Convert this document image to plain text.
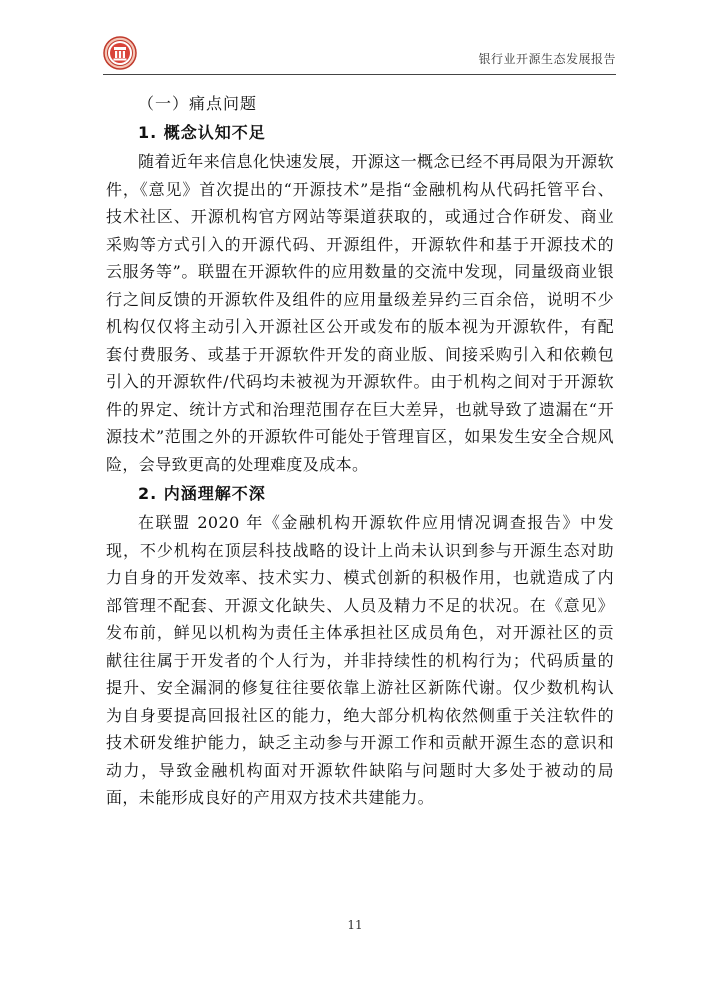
银行业开源生态发展报告
（一）痛点问题
1. 概念认知不足

随着近年来信息化快速发展，开源这一概念已经不再局限为开源软件，《意见》首次提出的“开源技术”是指“金融机构从代码托管平台、技术社区、开源机构官方网站等渠道获取的，或通过合作研发、商业采购等方式引入的开源代码、开源组件，开源软件和基于开源技术的云服务等”。联盟在开源软件的应用数量的交流中发现，同量级商业银行之间反馈的开源软件及组件的应用量级差异约三百余倍，说明不少机构仅仅将主动引入开源社区公开或发布的版本视为开源软件，有配套付费服务、或基于开源软件开发的商业版、间接采购引入和依赖包引入的开源软件/代码均未被视为开源软件。由于机构之间对于开源软件的界定、统计方式和治理范围存在巨大差异，也就导致了遗漏在“开源技术”范围之外的开源软件可能处于管理盲区，如果发生安全合规风险，会导致更高的处理难度及成本。

2. 内涵理解不深

在联盟 2020 年《金融机构开源软件应用情况调查报告》中发现，不少机构在顶层科技战略的设计上尚未认识到参与开源生态对助力自身的开发效率、技术实力、模式创新的积极作用，也就造成了内部管理不配套、开源文化缺失、人员及精力不足的状况。在《意见》发布前，鲜见以机构为责任主体承担社区成员角色，对开源社区的贡献往往属于开发者的个人行为，并非持续性的机构行为；代码质量的提升、安全漏洞的修复往往要依靠上游社区新陈代谢。仅少数机构认为自身要提高回报社区的能力，绝大部分机构依然侧重于关注软件的技术研发维护能力，缺乏主动参与开源工作和贡献开源生态的意识和动力，导致金融机构面对开源软件缺陷与问题时大多处于被动的局面，未能形成良好的产用双方技术共建能力。

11
